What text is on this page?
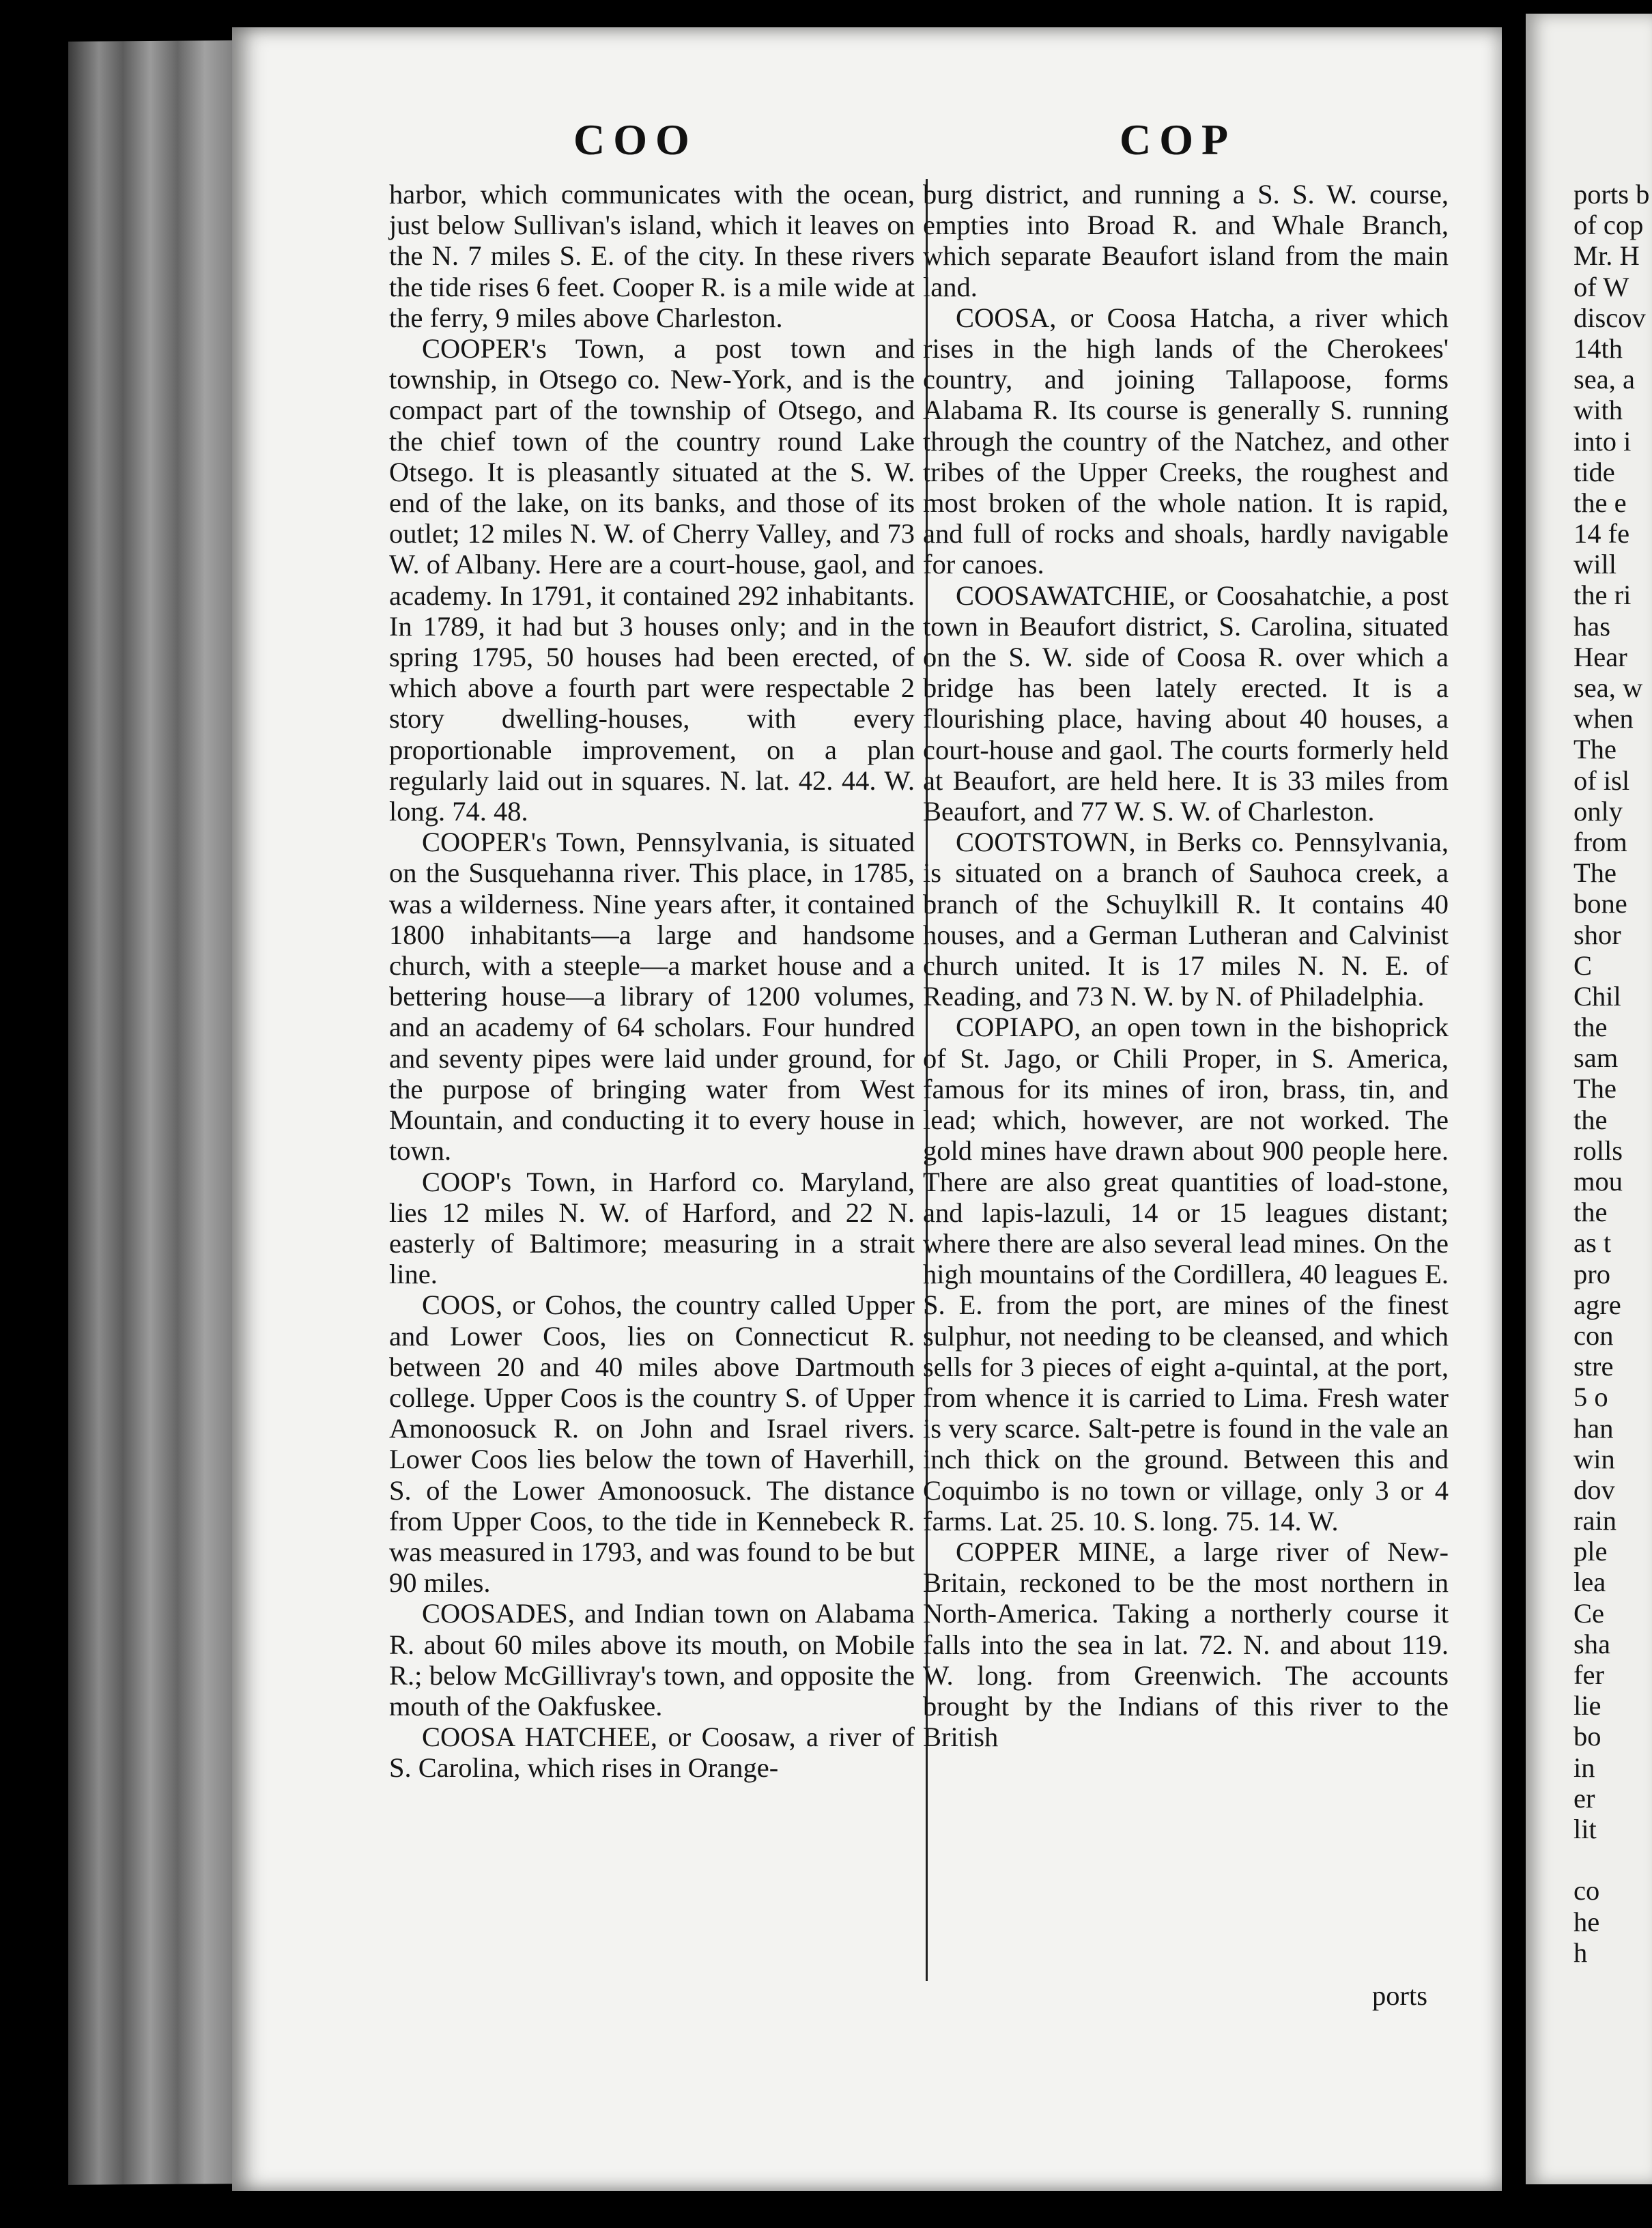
COO	COP

harbor, which communicates with the ocean, just below Sullivan's island, which it leaves on the N. 7 miles S. E. of the city. In these rivers the tide rises 6 feet. Cooper R. is a mile wide at the ferry, 9 miles above Charleston.

COOPER's Town, a post town and township, in Otsego co. New-York, and is the compact part of the township of Otsego, and the chief town of the country round Lake Otsego. It is pleasantly situated at the S. W. end of the lake, on its banks, and those of its outlet; 12 miles N. W. of Cherry Valley, and 73 W. of Albany. Here are a court-house, gaol, and academy. In 1791, it contained 292 inhabitants. In 1789, it had but 3 houses only; and in the spring 1795, 50 houses had been erected, of which above a fourth part were respectable 2 story dwelling-houses, with every proportionable improvement, on a plan regularly laid out in squares. N. lat. 42. 44. W. long. 74. 48.

COOPER's Town, Pennsylvania, is situated on the Susquehanna river. This place, in 1785, was a wilderness. Nine years after, it contained 1800 inhabitants—a large and handsome church, with a steeple—a market house and a bettering house—a library of 1200 volumes, and an academy of 64 scholars. Four hundred and seventy pipes were laid under ground, for the purpose of bringing water from West Mountain, and conducting it to every house in town.

COOP's Town, in Harford co. Maryland, lies 12 miles N. W. of Harford, and 22 N. easterly of Baltimore; measuring in a strait line.

COOS, or Cohos, the country called Upper and Lower Coos, lies on Connecticut R. between 20 and 40 miles above Dartmouth college. Upper Coos is the country S. of Upper Amonoosuck R. on John and Israel rivers. Lower Coos lies below the town of Haverhill, S. of the Lower Amonoosuck. The distance from Upper Coos, to the tide in Kennebeck R. was measured in 1793, and was found to be but 90 miles.

COOSADES, and Indian town on Alabama R. about 60 miles above its mouth, on Mobile R.; below McGillivray's town, and opposite the mouth of the Oakfuskee.

COOSA HATCHEE, or Coosaw, a river of S. Carolina, which rises in Orange-

burg district, and running a S. S. W. course, empties into Broad R. and Whale Branch, which separate Beaufort island from the main land.

COOSA, or Coosa Hatcha, a river which rises in the high lands of the Cherokees' country, and joining Tallapoose, forms Alabama R. Its course is generally S. running through the country of the Natchez, and other tribes of the Upper Creeks, the roughest and most broken of the whole nation. It is rapid, and full of rocks and shoals, hardly navigable for canoes.

COOSAWATCHIE, or Coosahatchie, a post town in Beaufort district, S. Carolina, situated on the S. W. side of Coosa R. over which a bridge has been lately erected. It is a flourishing place, having about 40 houses, a court-house and gaol. The courts formerly held at Beaufort, are held here. It is 33 miles from Beaufort, and 77 W. S. W. of Charleston.

COOTSTOWN, in Berks co. Pennsylvania, is situated on a branch of Sauhoca creek, a branch of the Schuylkill R. It contains 40 houses, and a German Lutheran and Calvinist church united. It is 17 miles N. N. E. of Reading, and 73 N. W. by N. of Philadelphia.

COPIAPO, an open town in the bishoprick of St. Jago, or Chili Proper, in S. America, famous for its mines of iron, brass, tin, and lead; which, however, are not worked. The gold mines have drawn about 900 people here. There are also great quantities of load-stone, and lapis-lazuli, 14 or 15 leagues distant; where there are also several lead mines. On the high mountains of the Cordillera, 40 leagues E. S. E. from the port, are mines of the finest sulphur, not needing to be cleansed, and which sells for 3 pieces of eight a-quintal, at the port, from whence it is carried to Lima. Fresh water is very scarce. Salt-petre is found in the vale an inch thick on the ground. Between this and Coquimbo is no town or village, only 3 or 4 farms. Lat. 25. 10. S. long. 75. 14. W.

COPPER MINE, a large river of New-Britain, reckoned to be the most northern in North-America. Taking a northerly course it falls into the sea in lat. 72. N. and about 119. W. long. from Greenwich. The accounts brought by the Indians of this river to the British

ports
ports b
of cop
Mr. H
of W
discov
14th
sea, a
with
into i
tide
the e
14 fe
will
the ri
has
Hear
sea, w
when
The
of isl
only
from
The
bone
shor
C
Chil
the
sam
The
the
rolls
mou
the
as t
pro
agre
con
stre
5 o
han
win
dov
rain
ple
lea
Ce
sha
fer
lie
bo
in
er
lit
co
he
h
